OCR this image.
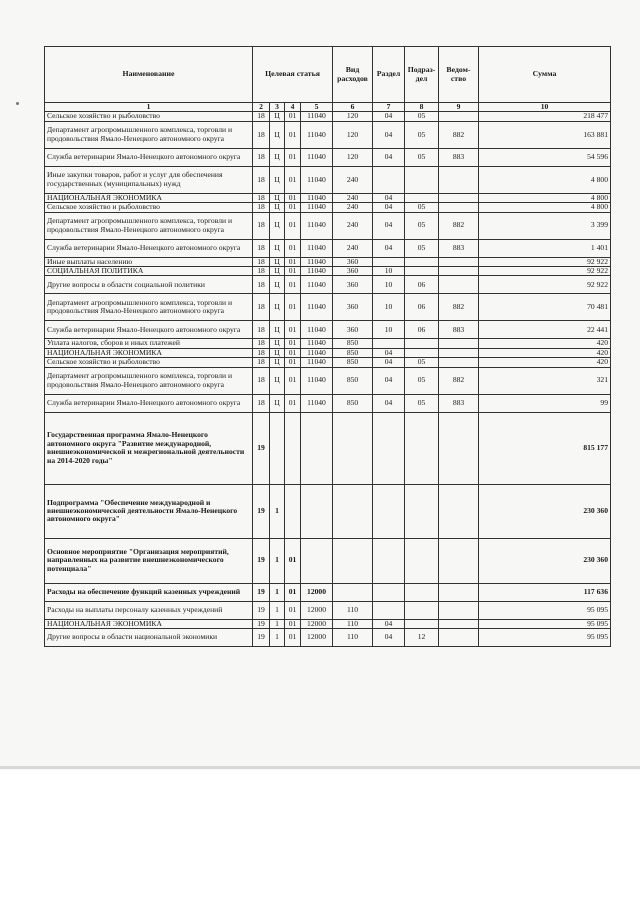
Наименование	Целевая статья				Вид расходов	Раздел	Подраз-дел	Ведом-ство	Сумма
1	2	3	4	5	6	7	8	9	10
Сельское хозяйство и рыболовство	18	Ц	01	11040	120	04	05		218 477
Департамент агропромышленного комплекса, торговли и продовольствия Ямало-Ненецкого автономного округа	18	Ц	01	11040	120	04	05	882	163 881
Служба ветеринарии Ямало-Ненецкого автономного округа	18	Ц	01	11040	120	04	05	883	54 596
Иные закупки товаров, работ и услуг для обеспечения государственных (муниципальных) нужд	18	Ц	01	11040	240				4 800
НАЦИОНАЛЬНАЯ ЭКОНОМИКА	18	Ц	01	11040	240	04			4 800
Сельское хозяйство и рыболовство	18	Ц	01	11040	240	04	05		4 800
Департамент агропромышленного комплекса, торговли и продовольствия Ямало-Ненецкого автономного округа	18	Ц	01	11040	240	04	05	882	3 399
Служба ветеринарии Ямало-Ненецкого автономного округа	18	Ц	01	11040	240	04	05	883	1 401
Иные выплаты населению	18	Ц	01	11040	360				92 922
СОЦИАЛЬНАЯ ПОЛИТИКА	18	Ц	01	11040	360	10			92 922
Другие вопросы в области социальной политики	18	Ц	01	11040	360	10	06		92 922
Департамент агропромышленного комплекса, торговли и продовольствия Ямало-Ненецкого автономного округа	18	Ц	01	11040	360	10	06	882	70 481
Служба ветеринарии Ямало-Ненецкого автономного округа	18	Ц	01	11040	360	10	06	883	22 441
Уплата налогов, сборов и иных платежей	18	Ц	01	11040	850				420
НАЦИОНАЛЬНАЯ ЭКОНОМИКА	18	Ц	01	11040	850	04			420
Сельское хозяйство и рыболовство	18	Ц	01	11040	850	04	05		420
Департамент агропромышленного комплекса, торговли и продовольствия Ямало-Ненецкого автономного округа	18	Ц	01	11040	850	04	05	882	321
Служба ветеринарии Ямало-Ненецкого автономного округа	18	Ц	01	11040	850	04	05	883	99
Государственная программа Ямало-Ненецкого автономного округа "Развитие международной, внешнеэкономической и межрегиональной деятельности на 2014-2020 годы"	19								815 177
Подпрограмма "Обеспечение международной и внешнеэкономической деятельности Ямало-Ненецкого автономного округа"	19	1							230 360
Основное мероприятие "Организация мероприятий, направленных на развитие внешнеэкономического потенциала"	19	1	01						230 360
Расходы на обеспечение функций казенных учреждений	19	1	01	12000					117 636
Расходы на выплаты персоналу казенных учреждений	19	1	01	12000	110				95 095
НАЦИОНАЛЬНАЯ ЭКОНОМИКА	19	1	01	12000	110	04			95 095
Другие вопросы в области национальной экономики	19	1	01	12000	110	04	12		95 095
